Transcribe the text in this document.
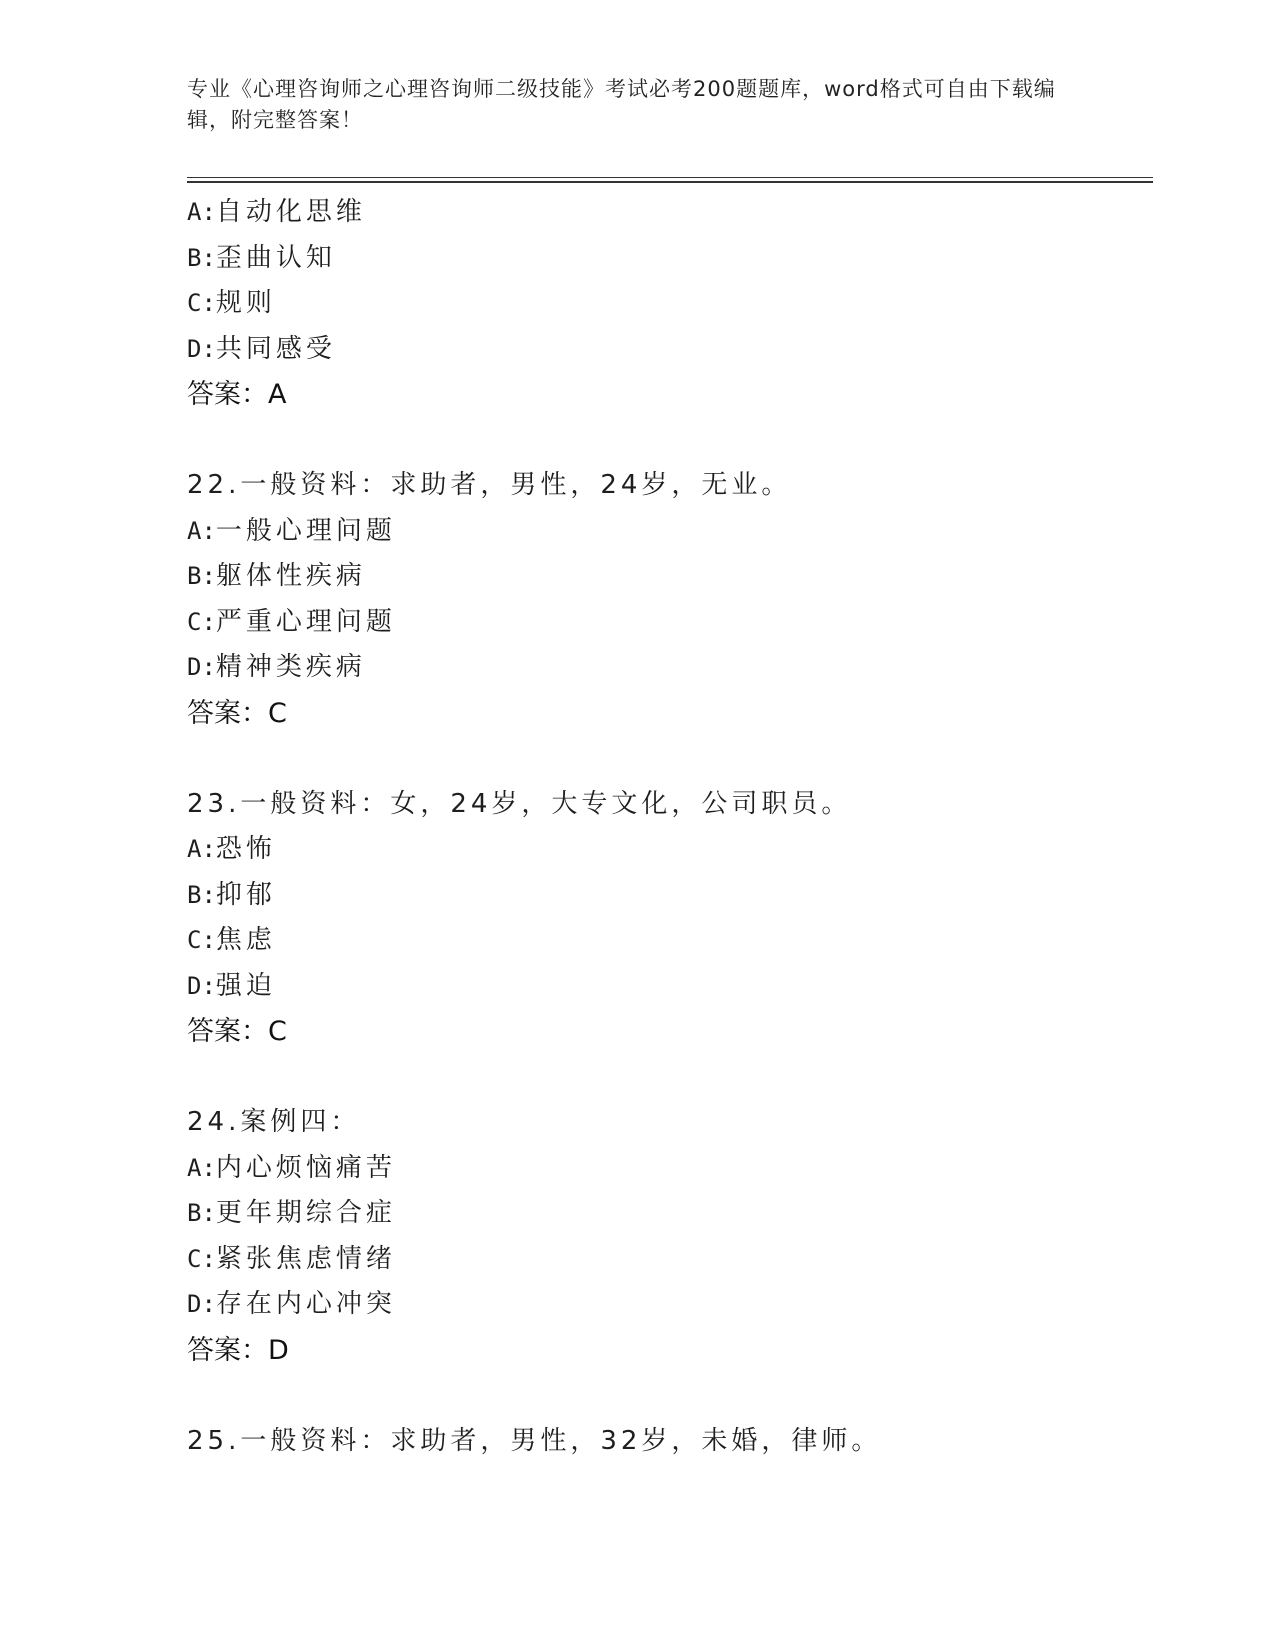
专业《心理咨询师之心理咨询师二级技能》考试必考200题题库，word格式可自由下载编辑，附完整答案！
A:自动化思维
B:歪曲认知
C:规则
D:共同感受
答案：A
22.一般资料：求助者，男性，24岁，无业。
A:一般心理问题
B:躯体性疾病
C:严重心理问题
D:精神类疾病
答案：C
23.一般资料：女，24岁，大专文化，公司职员。
A:恐怖
B:抑郁
C:焦虑
D:强迫
答案：C
24.案例四：
A:内心烦恼痛苦
B:更年期综合症
C:紧张焦虑情绪
D:存在内心冲突
答案：D
25.一般资料：求助者，男性，32岁，未婚，律师。
